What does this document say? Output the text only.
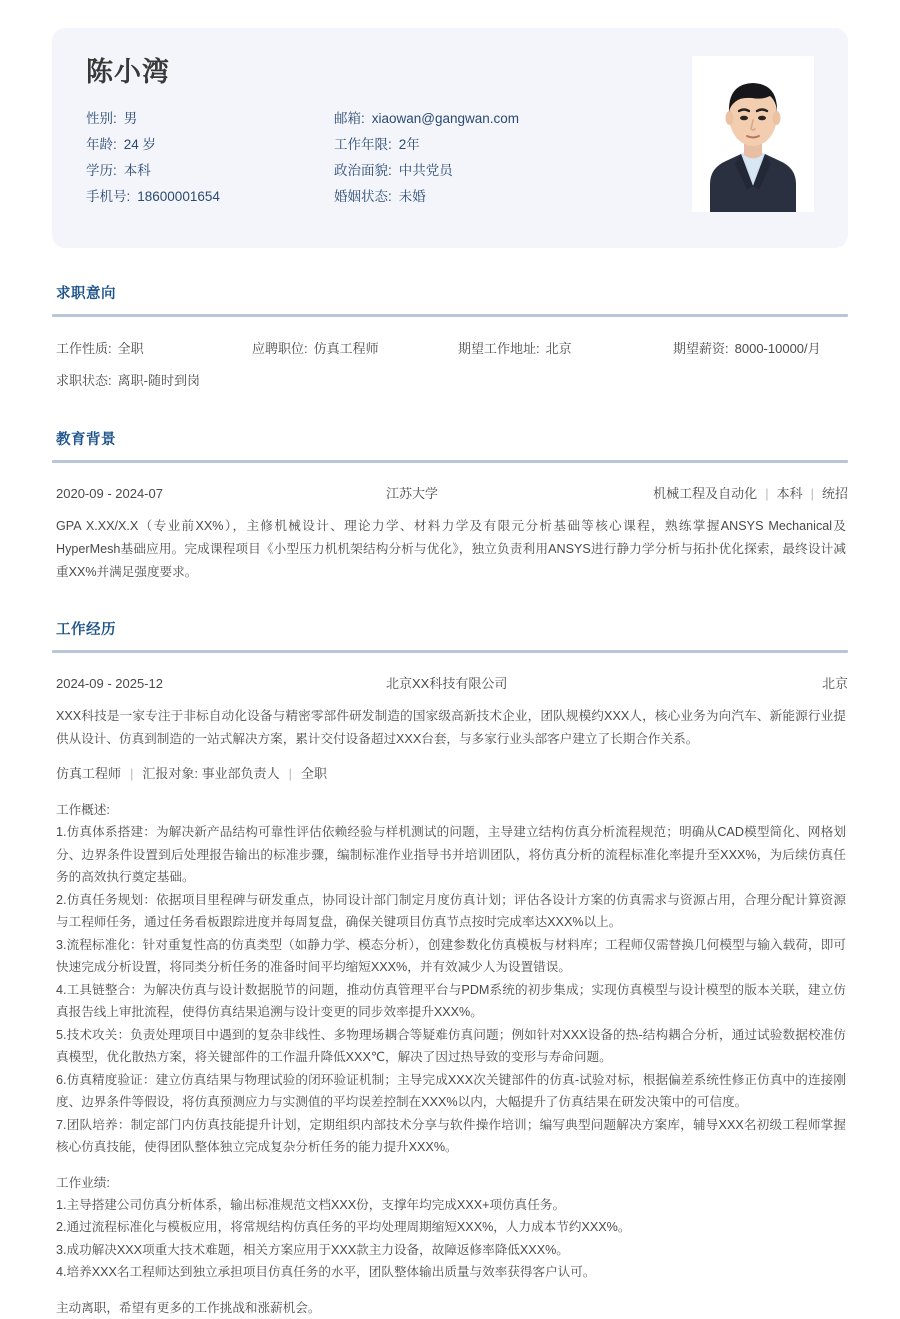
陈小湾
性别 : 男	邮箱 : xiaowan@gangwan.com
年龄 : 24 岁	工作年限 : 2年
学历 : 本科	政治面貌 : 中共党员
手机号 : 18600001654	婚姻状态 : 未婚
求职意向
工作性质: 全职	应聘职位: 仿真工程师	期望工作地址: 北京	期望薪资: 8000-10000/月
求职状态: 离职-随时到岗
教育背景
2020-09 - 2024-07	江苏大学	机械工程及自动化 | 本科 | 统招
GPA X.XX/X.X（专业前XX%），主修机械设计、理论力学、材料力学及有限元分析基础等核心课程，熟练掌握ANSYS Mechanical及HyperMesh基础应用。完成课程项目《小型压力机机架结构分析与优化》，独立负责利用ANSYS进行静力学分析与拓扑优化探索，最终设计减重XX%并满足强度要求。
工作经历
2024-09 - 2025-12	北京XX科技有限公司	北京
XXX科技是一家专注于非标自动化设备与精密零部件研发制造的国家级高新技术企业，团队规模约XXX人，核心业务为向汽车、新能源行业提供从设计、仿真到制造的一站式解决方案，累计交付设备超过XXX台套，与多家行业头部客户建立了长期合作关系。
仿真工程师 | 汇报对象: 事业部负责人 | 全职
工作概述:
1.仿真体系搭建：为解决新产品结构可靠性评估依赖经验与样机测试的问题，主导建立结构仿真分析流程规范；明确从CAD模型简化、网格划分、边界条件设置到后处理报告输出的标准步骤，编制标准作业指导书并培训团队，将仿真分析的流程标准化率提升至XXX%，为后续仿真任务的高效执行奠定基础。
2.仿真任务规划：依据项目里程碑与研发重点，协同设计部门制定月度仿真计划；评估各设计方案的仿真需求与资源占用，合理分配计算资源与工程师任务，通过任务看板跟踪进度并每周复盘，确保关键项目仿真节点按时完成率达XXX%以上。
3.流程标准化：针对重复性高的仿真类型（如静力学、模态分析），创建参数化仿真模板与材料库；工程师仅需替换几何模型与输入载荷，即可快速完成分析设置，将同类分析任务的准备时间平均缩短XXX%，并有效减少人为设置错误。
4.工具链整合：为解决仿真与设计数据脱节的问题，推动仿真管理平台与PDM系统的初步集成；实现仿真模型与设计模型的版本关联，建立仿真报告线上审批流程，使得仿真结果追溯与设计变更的同步效率提升XXX%。
5.技术攻关：负责处理项目中遇到的复杂非线性、多物理场耦合等疑难仿真问题；例如针对XXX设备的热-结构耦合分析，通过试验数据校准仿真模型，优化散热方案，将关键部件的工作温升降低XXX℃，解决了因过热导致的变形与寿命问题。
6.仿真精度验证：建立仿真结果与物理试验的闭环验证机制；主导完成XXX次关键部件的仿真-试验对标，根据偏差系统性修正仿真中的连接刚度、边界条件等假设，将仿真预测应力与实测值的平均误差控制在XXX%以内，大幅提升了仿真结果在研发决策中的可信度。
7.团队培养：制定部门内仿真技能提升计划，定期组织内部技术分享与软件操作培训；编写典型问题解决方案库，辅导XXX名初级工程师掌握核心仿真技能，使得团队整体独立完成复杂分析任务的能力提升XXX%。
工作业绩:
1.主导搭建公司仿真分析体系，输出标准规范文档XXX份，支撑年均完成XXX+项仿真任务。
2.通过流程标准化与模板应用，将常规结构仿真任务的平均处理周期缩短XXX%，人力成本节约XXX%。
3.成功解决XXX项重大技术难题，相关方案应用于XXX款主力设备，故障返修率降低XXX%。
4.培养XXX名工程师达到独立承担项目仿真任务的水平，团队整体输出质量与效率获得客户认可。
主动离职，希望有更多的工作挑战和涨薪机会。
